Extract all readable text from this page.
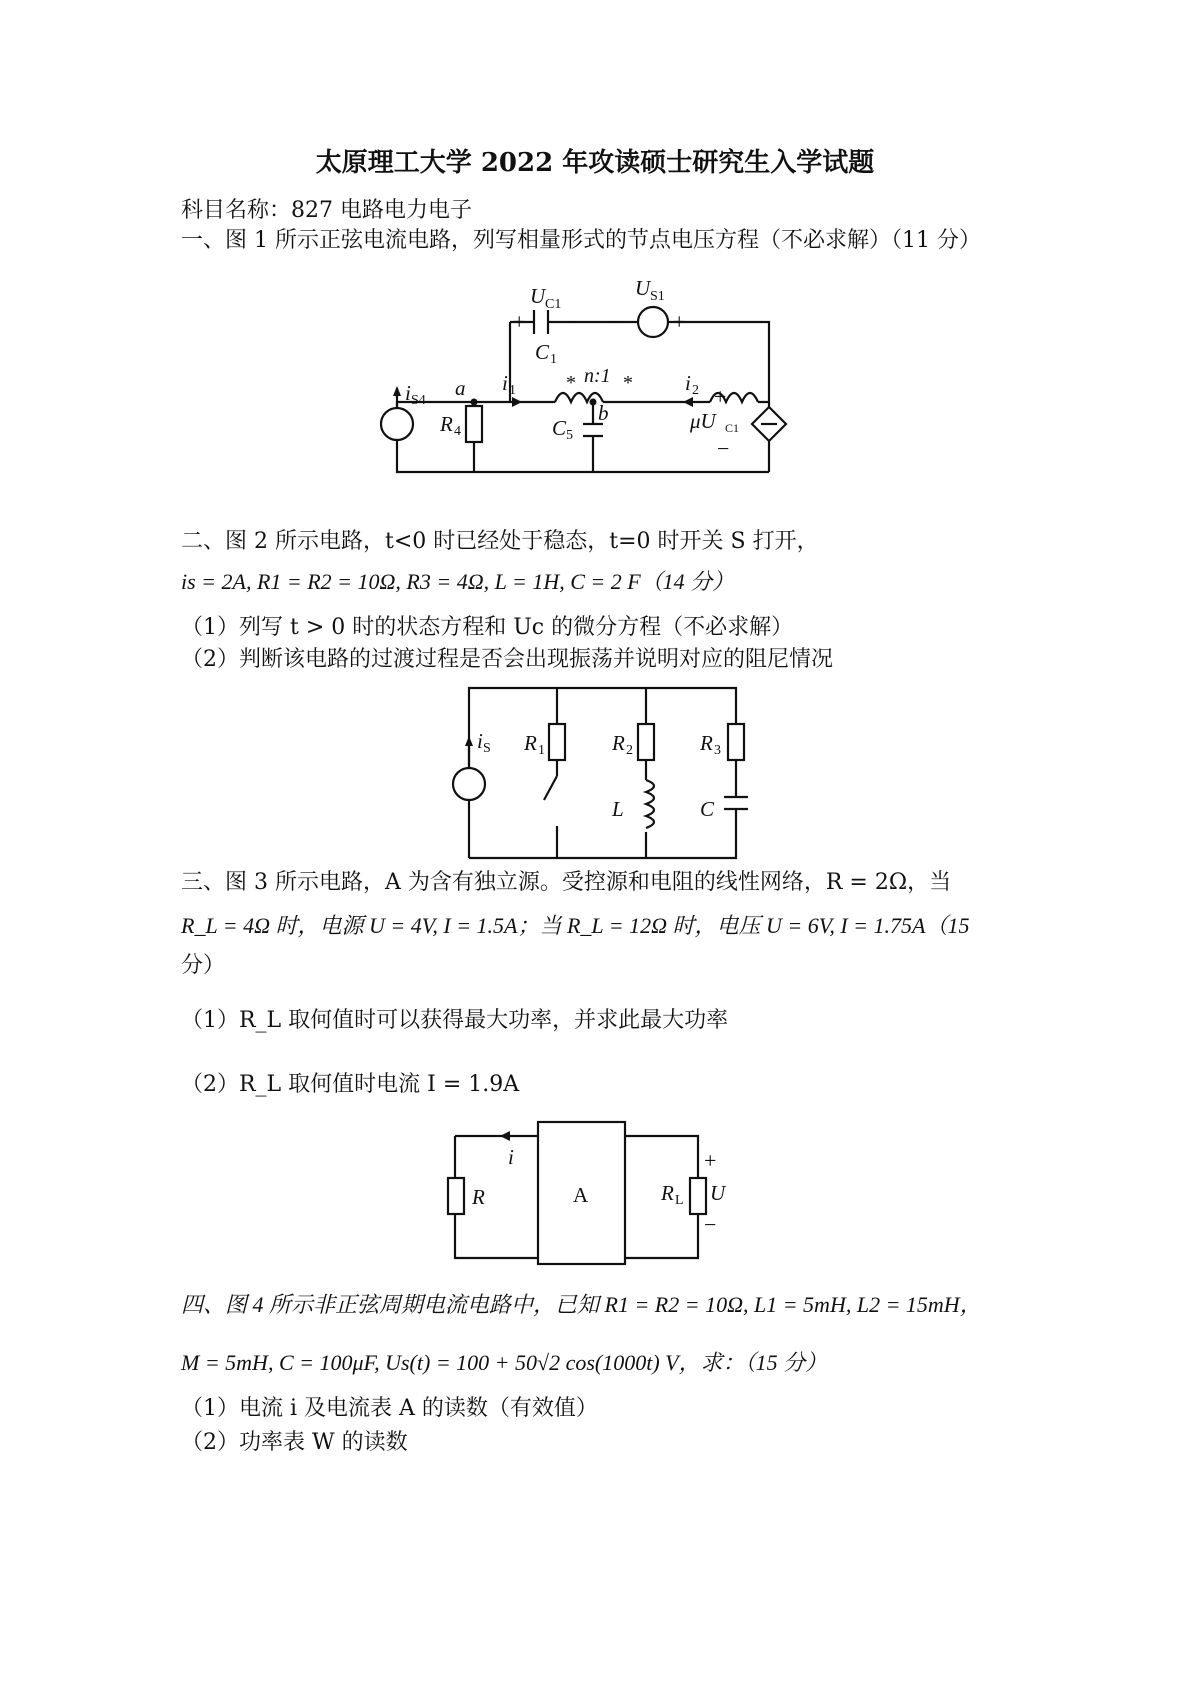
太原理工大学 2022 年攻读硕士研究生入学试题
科目名称：827 电路电力电子
一、图 1 所示正弦电流电路，列写相量形式的节点电压方程（不必求解）（11 分）
U C1
+ −
U S1
− +
C 1
a i 1	* n:1 *
b
i 2
i S4
R 4	C 5
μU C1
+
−
二、图 2 所示电路，t<0 时已经处于稳态，t=0 时开关 S 打开，
is = 2A, R1 = R2 = 10Ω, R3 = 4Ω, L = 1H, C = 2 F（14 分）
（1）列写 t > 0 时的状态方程和 Uc 的微分方程（不必求解）
（2）判断该电路的过渡过程是否会出现振荡并说明对应的阻尼情况
i S R 1	R 2	R 3
L	C
三、图 3 所示电路，A 为含有独立源。受控源和电阻的线性网络，R = 2Ω，当
R_L = 4Ω 时，电源 U = 4V, I = 1.5A；当 R_L = 12Ω 时，电压 U = 6V, I = 1.75A（15
分）
（1）R_L 取何值时可以获得最大功率，并求此最大功率
（2）R_L 取何值时电流 I = 1.9A
i
R	A	R L U
+
−
四、图 4 所示非正弦周期电流电路中，已知 R1 = R2 = 10Ω, L1 = 5mH, L2 = 15mH，
M = 5mH, C = 100μF, Us(t) = 100 + 50√2 cos(1000t) V，求：（15 分）
（1）电流 i 及电流表 A 的读数（有效值）
（2）功率表 W 的读数
